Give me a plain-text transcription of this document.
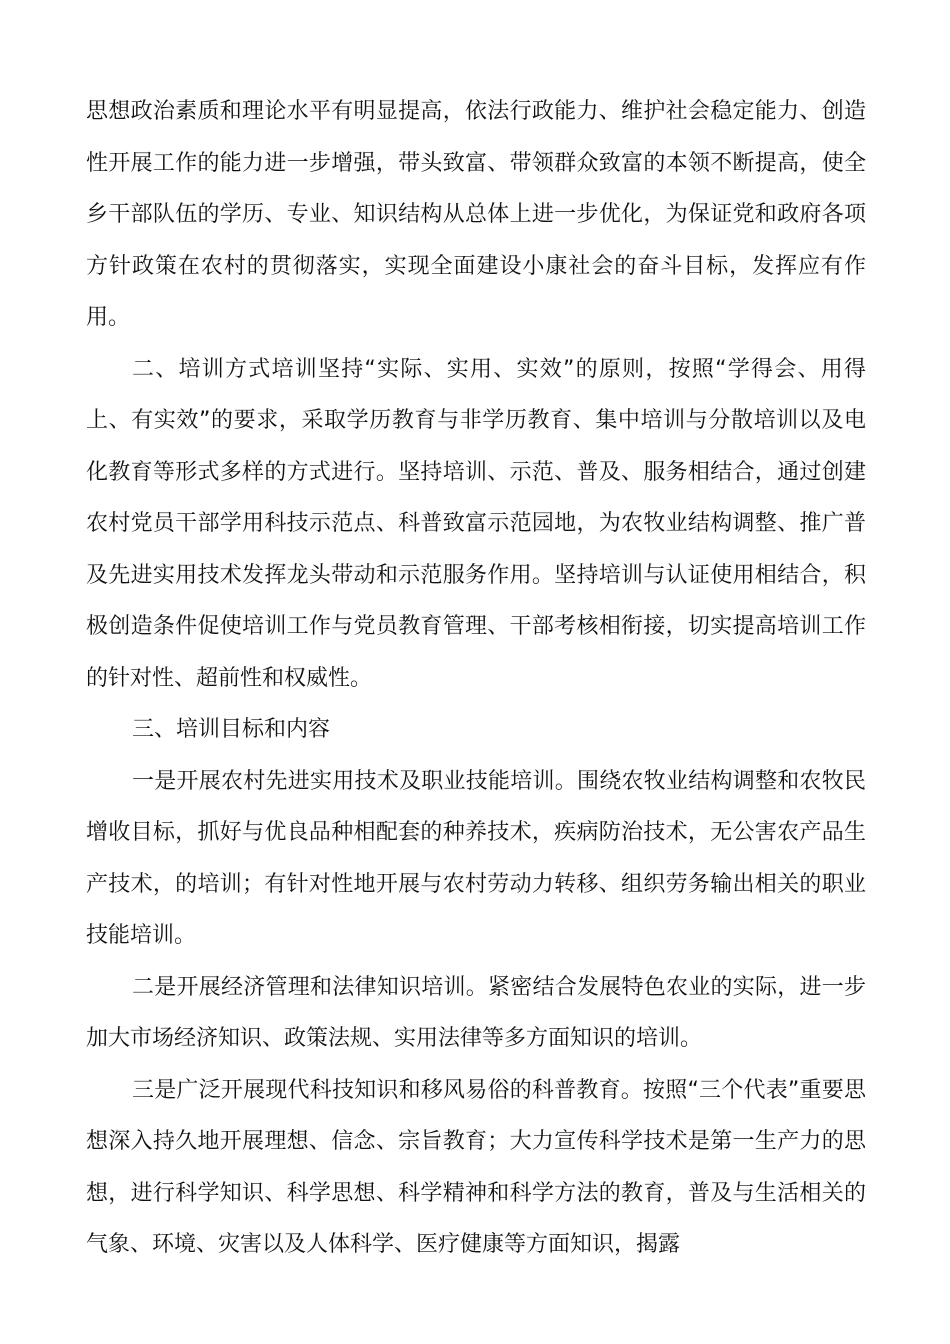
思想政治素质和理论水平有明显提高，依法行政能力、维护社会稳定能力、创造性开展工作的能力进一步增强，带头致富、带领群众致富的本领不断提高，使全乡干部队伍的学历、专业、知识结构从总体上进一步优化，为保证党和政府各项方针政策在农村的贯彻落实，实现全面建设小康社会的奋斗目标，发挥应有作用。

二、培训方式培训坚持“实际、实用、实效”的原则，按照“学得会、用得上、有实效”的要求，采取学历教育与非学历教育、集中培训与分散培训以及电化教育等形式多样的方式进行。坚持培训、示范、普及、服务相结合，通过创建农村党员干部学用科技示范点、科普致富示范园地，为农牧业结构调整、推广普及先进实用技术发挥龙头带动和示范服务作用。坚持培训与认证使用相结合，积极创造条件促使培训工作与党员教育管理、干部考核相衔接，切实提高培训工作的针对性、超前性和权威性。

三、培训目标和内容

一是开展农村先进实用技术及职业技能培训。围绕农牧业结构调整和农牧民增收目标，抓好与优良品种相配套的种养技术，疾病防治技术，无公害农产品生产技术，的培训；有针对性地开展与农村劳动力转移、组织劳务输出相关的职业技能培训。

二是开展经济管理和法律知识培训。紧密结合发展特色农业的实际，进一步加大市场经济知识、政策法规、实用法律等多方面知识的培训。

三是广泛开展现代科技知识和移风易俗的科普教育。按照“三个代表”重要思想深入持久地开展理想、信念、宗旨教育；大力宣传科学技术是第一生产力的思想，进行科学知识、科学思想、科学精神和科学方法的教育，普及与生活相关的气象、环境、灾害以及人体科学、医疗健康等方面知识，揭露
